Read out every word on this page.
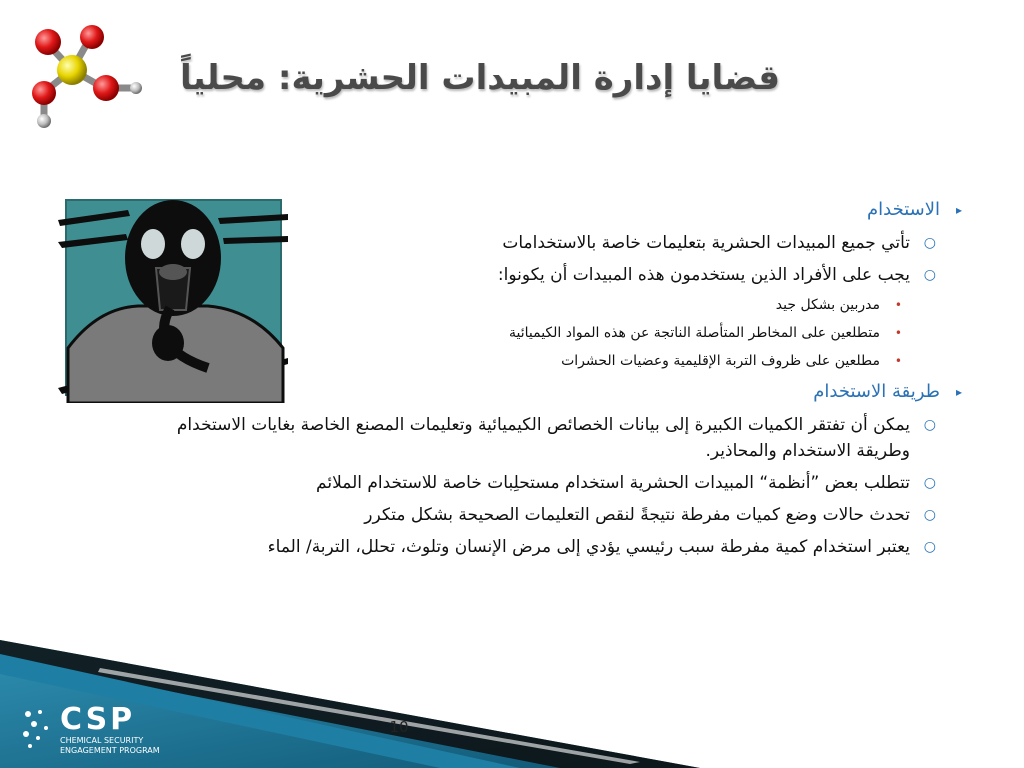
قضايا إدارة المبيدات الحشرية: محلياً
▸
الاستخدام
○
تأتي جميع المبيدات الحشرية بتعليمات خاصة بالاستخدامات
○
يجب على الأفراد الذين يستخدمون هذه المبيدات أن يكونوا:
•
مدربين بشكل جيد
•
متطلعين على المخاطر المتأصلة الناتجة عن هذه المواد الكيميائية
•
مطلعين على ظروف التربة الإقليمية وعضيات الحشرات
▸
طريقة الاستخدام
○
يمكن أن تفتقر الكميات الكبيرة إلى بيانات الخصائص الكيميائية وتعليمات المصنع الخاصة بغايات الاستخدام وطريقة الاستخدام والمحاذير.
○
تتطلب بعض ”أنظمة“ المبيدات الحشرية استخدام مستحلِبات خاصة للاستخدام الملائم
○
تحدث حالات وضع كميات مفرطة نتيجةً لنقص التعليمات الصحيحة بشكل متكرر
○
يعتبر استخدام كمية مفرطة سبب رئيسي يؤدي إلى مرض الإنسان وتلوث، تحلل، التربة/ الماء
CSP
CHEMICAL SECURITY
ENGAGEMENT PROGRAM
10
